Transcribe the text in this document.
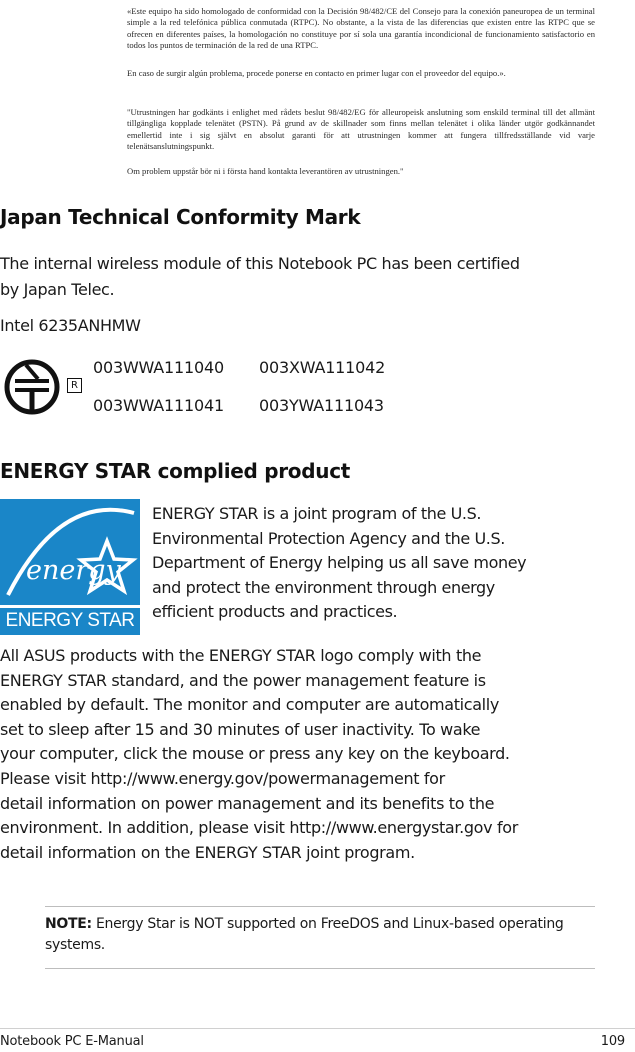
«Este equipo ha sido homologado de conformidad con la Decisión 98/482/CE del Consejo para la conexión paneuropea de un terminal simple a la red telefónica pública conmutada (RTPC). No obstante, a la vista de las diferencias que existen entre las RTPC que se ofrecen en diferentes países, la homologación no constituye por sí sola una garantía incondicional de funcionamiento satisfactorio en todos los puntos de terminación de la red de una RTPC.

En caso de surgir algún problema, procede ponerse en contacto en primer lugar con el proveedor del equipo.».

"Utrustningen har godkänts i enlighet med rådets beslut 98/482/EG för alleuropeisk anslutning som enskild terminal till det allmänt tillgängliga kopplade telenätet (PSTN). På grund av de skillnader som finns mellan telenätet i olika länder utgör godkännandet emellertid inte i sig självt en absolut garanti för att utrustningen kommer att fungera tillfredsställande vid varje telenätsanslutningspunkt.

Om problem uppstår bör ni i första hand kontakta leverantören av utrustningen."

Japan Technical Conformity Mark

The internal wireless module of this Notebook PC has been certified

by Japan Telec.

Intel 6235ANHMW

R
003WWA111040 003XWA111042
003WWA111041 003YWA111043
ENERGY STAR complied product
energy
ENERGY STAR

ENERGY STAR is a joint program of the U.S.
Environmental Protection Agency and the U.S.
Department of Energy helping us all save money
and protect the environment through energy
efficient products and practices.

All ASUS products with the ENERGY STAR logo comply with the
ENERGY STAR standard, and the power management feature is
enabled by default. The monitor and computer are automatically
set to sleep after 15 and 30 minutes of user inactivity. To wake
your computer, click the mouse or press any key on the keyboard.
Please visit http://www.energy.gov/powermanagement for
detail information on power management and its benefits to the
environment. In addition, please visit http://www.energystar.gov for
detail information on the ENERGY STAR joint program.

NOTE: Energy Star is NOT supported on FreeDOS and Linux-based operating systems.

Notebook PC E-Manual	109
